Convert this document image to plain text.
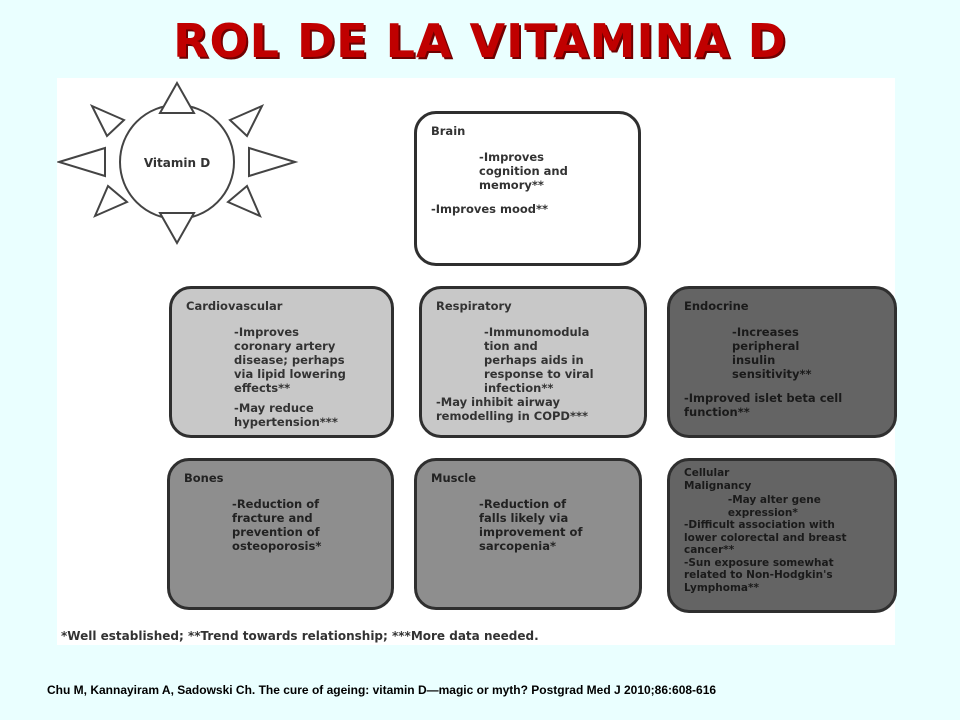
ROL DE LA VITAMINA D
Vitamin D
Brain
-Improves
cognition and
memory**
-Improves mood**
Cardiovascular
-Improves
coronary artery
disease; perhaps
via lipid lowering
effects**
-May reduce
hypertension***
Respiratory
-Immunomodula
tion and
perhaps aids in
response to viral
infection**
-May inhibit airway
remodelling in COPD***
Endocrine
-Increases
peripheral
insulin
sensitivity**
-Improved islet beta cell
function**
Bones
-Reduction of
fracture and
prevention of
osteoporosis*
Muscle
-Reduction of
falls likely via
improvement of
sarcopenia*
Cellular
Malignancy
-May alter gene
expression*
-Difficult association with
lower colorectal and breast
cancer**
-Sun exposure somewhat
related to Non-Hodgkin's
Lymphoma**
*Well established; **Trend towards relationship; ***More data needed.
Chu M, Kannayiram A, Sadowski Ch. The cure of ageing: vitamin D—magic or myth? Postgrad Med J 2010;86:608-616
